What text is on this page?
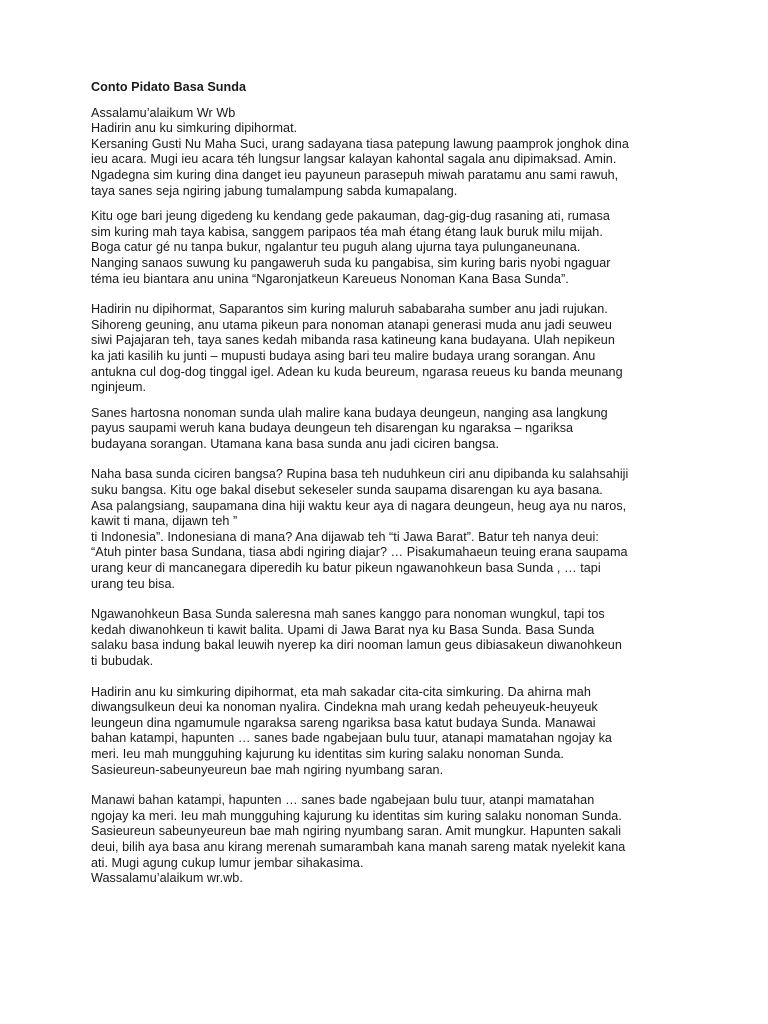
Conto Pidato Basa Sunda
Assalamu’alaikum Wr Wb
Hadirin anu ku simkuring dipihormat.
Kersaning Gusti Nu Maha Suci, urang sadayana tiasa patepung lawung paamprok jonghok dina
ieu acara. Mugi ieu acara téh lungsur langsar kalayan kahontal sagala anu dipimaksad. Amin.
Ngadegna sim kuring dina danget ieu payuneun parasepuh miwah paratamu anu sami rawuh,
taya sanes seja ngiring jabung tumalampung sabda kumapalang.
Kitu oge bari jeung digedeng ku kendang gede pakauman, dag-gig-dug rasaning ati, rumasa
sim kuring mah taya kabisa, sanggem paripaos téa mah étang étang lauk buruk milu mijah.
Boga catur gé nu tanpa bukur, ngalantur teu puguh alang ujurna taya pulunganeunana.
Nanging sanaos suwung ku pangaweruh suda ku pangabisa, sim kuring baris nyobi ngaguar
téma ieu biantara anu unina “Ngaronjatkeun Kareueus Nonoman Kana Basa Sunda”.
Hadirin nu dipihormat, Saparantos sim kuring maluruh sababaraha sumber anu jadi rujukan.
Sihoreng geuning, anu utama pikeun para nonoman atanapi generasi muda anu jadi seuweu
siwi Pajajaran teh, taya sanes kedah mibanda rasa katineung kana budayana. Ulah nepikeun
ka jati kasilih ku junti – mupusti budaya asing bari teu malire budaya urang sorangan. Anu
antukna cul dog-dog tinggal igel. Adean ku kuda beureum, ngarasa reueus ku banda meunang
nginjeum.
Sanes hartosna nonoman sunda ulah malire kana budaya deungeun, nanging asa langkung
payus saupami weruh kana budaya deungeun teh disarengan ku ngaraksa – ngariksa
budayana sorangan. Utamana kana basa sunda anu jadi ciciren bangsa.
Naha basa sunda ciciren bangsa? Rupina basa teh nuduhkeun ciri anu dipibanda ku salahsahiji
suku bangsa. Kitu oge bakal disebut sekeseler sunda saupama disarengan ku aya basana.
Asa palangsiang, saupamana dina hiji waktu keur aya di nagara deungeun, heug aya nu naros,
kawit ti mana, dijawn teh ”
ti Indonesia”. Indonesiana di mana? Ana dijawab teh “ti Jawa Barat”. Batur teh nanya deui:
“Atuh pinter basa Sundana, tiasa abdi ngiring diajar? … Pisakumahaeun teuing erana saupama
urang keur di mancanegara diperedih ku batur pikeun ngawanohkeun basa Sunda , … tapi
urang teu bisa.
Ngawanohkeun Basa Sunda saleresna mah sanes kanggo para nonoman wungkul, tapi tos
kedah diwanohkeun ti kawit balita. Upami di Jawa Barat nya ku Basa Sunda. Basa Sunda
salaku basa indung bakal leuwih nyerep ka diri nooman lamun geus dibiasakeun diwanohkeun
ti bubudak.
Hadirin anu ku simkuring dipihormat, eta mah sakadar cita-cita simkuring. Da ahirna mah
diwangsulkeun deui ka nonoman nyalira. Cindekna mah urang kedah peheuyeuk-heuyeuk
leungeun dina ngamumule ngaraksa sareng ngariksa basa katut budaya Sunda. Manawai
bahan katampi, hapunten … sanes bade ngabejaan bulu tuur, atanapi mamatahan ngojay ka
meri. Ieu mah mungguhing kajurung ku identitas sim kuring salaku nonoman Sunda.
Sasieureun-sabeunyeureun bae mah ngiring nyumbang saran.
Manawi bahan katampi, hapunten … sanes bade ngabejaan bulu tuur, atanpi mamatahan
ngojay ka meri. Ieu mah mungguhing kajurung ku identitas sim kuring salaku nonoman Sunda.
Sasieureun sabeunyeureun bae mah ngiring nyumbang saran. Amit mungkur. Hapunten sakali
deui, bilih aya basa anu kirang merenah sumarambah kana manah sareng matak nyelekit kana
ati. Mugi agung cukup lumur jembar sihakasima.
Wassalamu’alaikum wr.wb.
